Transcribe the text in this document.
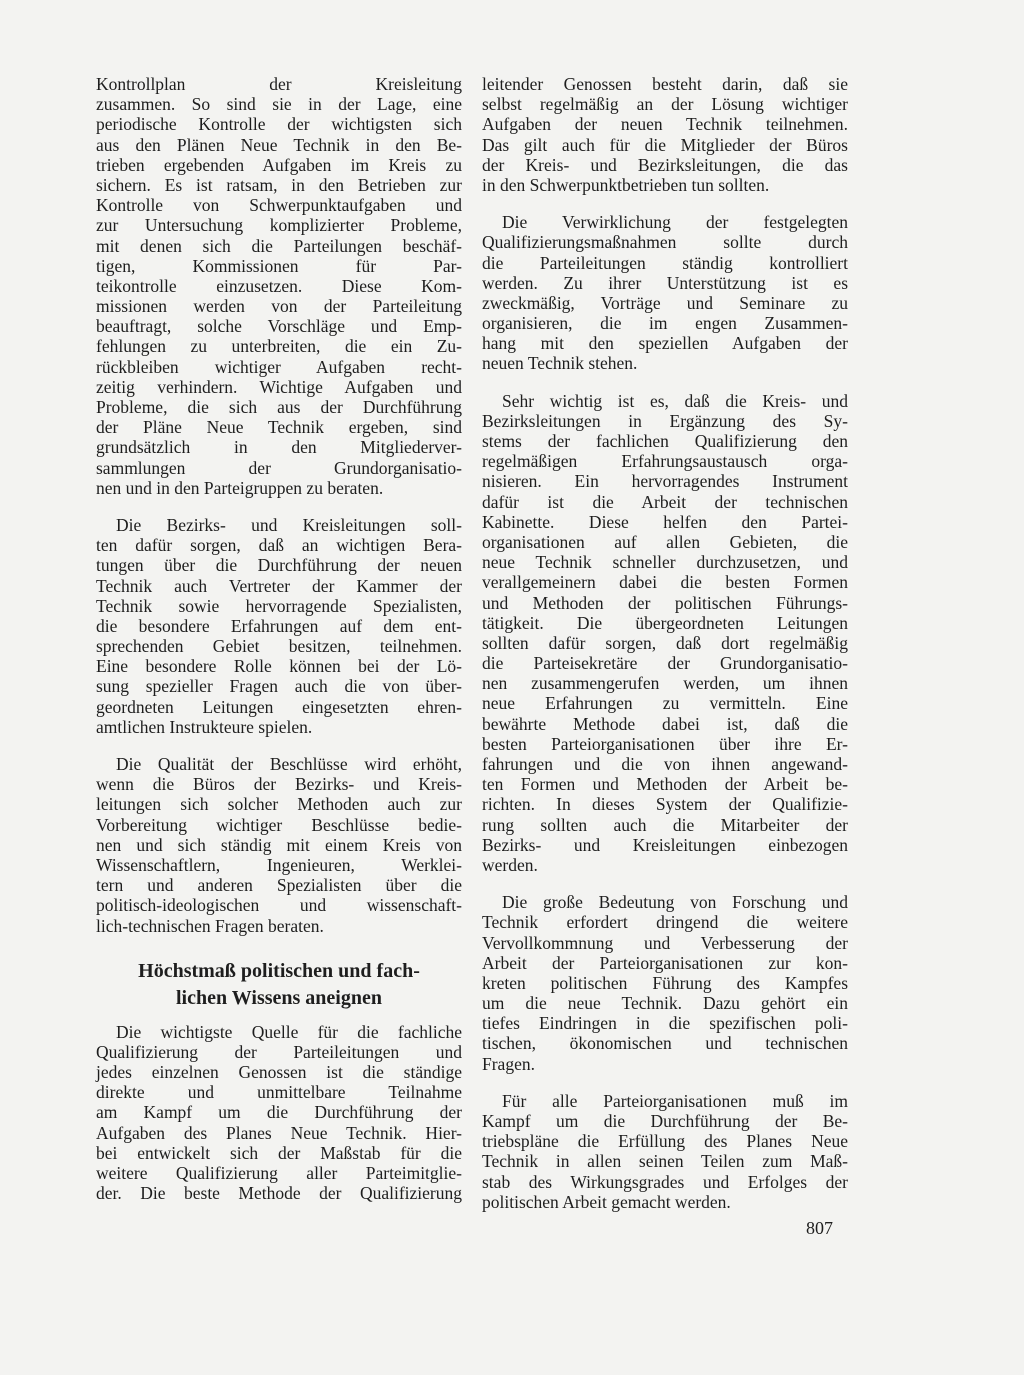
Kontrollplan der Kreisleitung
zusammen. So sind sie in der Lage, eine
periodische Kontrolle der wichtigsten sich
aus den Plänen Neue Technik in den Be-
trieben ergebenden Aufgaben im Kreis zu
sichern. Es ist ratsam, in den Betrieben zur
Kontrolle von Schwerpunktaufgaben und
zur Untersuchung komplizierter Probleme,
mit denen sich die Parteilungen beschäf-
tigen, Kommissionen für Par-
teikontrolle einzusetzen. Diese Kom-
missionen werden von der Parteileitung
beauftragt, solche Vorschläge und Emp-
fehlungen zu unterbreiten, die ein Zu-
rückbleiben wichtiger Aufgaben recht-
zeitig verhindern. Wichtige Aufgaben und
Probleme, die sich aus der Durchführung
der Pläne Neue Technik ergeben, sind
grundsätzlich in den Mitgliederver-
sammlungen der Grundorganisatio-
nen und in den Parteigruppen zu beraten.
Die Bezirks- und Kreisleitungen soll-
ten dafür sorgen, daß an wichtigen Bera-
tungen über die Durchführung der neuen
Technik auch Vertreter der Kammer der
Technik sowie hervorragende Spezialisten,
die besondere Erfahrungen auf dem ent-
sprechenden Gebiet besitzen, teilnehmen.
Eine besondere Rolle können bei der Lö-
sung spezieller Fragen auch die von über-
geordneten Leitungen eingesetzten ehren-
amtlichen Instrukteure spielen.
Die Qualität der Beschlüsse wird erhöht,
wenn die Büros der Bezirks- und Kreis-
leitungen sich solcher Methoden auch zur
Vorbereitung wichtiger Beschlüsse bedie-
nen und sich ständig mit einem Kreis von
Wissenschaftlern, Ingenieuren, Werklei-
tern und anderen Spezialisten über die
politisch-ideologischen und wissenschaft-
lich-technischen Fragen beraten.
Höchstmaß politischen und fach-
lichen Wissens aneignen
Die wichtigste Quelle für die fachliche
Qualifizierung der Parteileitungen und
jedes einzelnen Genossen ist die ständige
direkte und unmittelbare Teilnahme
am Kampf um die Durchführung der
Aufgaben des Planes Neue Technik. Hier-
bei entwickelt sich der Maßstab für die
weitere Qualifizierung aller Parteimitglie-
der. Die beste Methode der Qualifizierung
leitender Genossen besteht darin, daß sie
selbst regelmäßig an der Lösung wichtiger
Aufgaben der neuen Technik teilnehmen.
Das gilt auch für die Mitglieder der Büros
der Kreis- und Bezirksleitungen, die das
in den Schwerpunktbetrieben tun sollten.
Die Verwirklichung der festgelegten
Qualifizierungsmaßnahmen sollte durch
die Parteileitungen ständig kontrolliert
werden. Zu ihrer Unterstützung ist es
zweckmäßig, Vorträge und Seminare zu
organisieren, die im engen Zusammen-
hang mit den speziellen Aufgaben der
neuen Technik stehen.
Sehr wichtig ist es, daß die Kreis- und
Bezirksleitungen in Ergänzung des Sy-
stems der fachlichen Qualifizierung den
regelmäßigen Erfahrungsaustausch orga-
nisieren. Ein hervorragendes Instrument
dafür ist die Arbeit der technischen
Kabinette. Diese helfen den Partei-
organisationen auf allen Gebieten, die
neue Technik schneller durchzusetzen, und
verallgemeinern dabei die besten Formen
und Methoden der politischen Führungs-
tätigkeit. Die übergeordneten Leitungen
sollten dafür sorgen, daß dort regelmäßig
die Parteisekretäre der Grundorganisatio-
nen zusammengerufen werden, um ihnen
neue Erfahrungen zu vermitteln. Eine
bewährte Methode dabei ist, daß die
besten Parteiorganisationen über ihre Er-
fahrungen und die von ihnen angewand-
ten Formen und Methoden der Arbeit be-
richten. In dieses System der Qualifizie-
rung sollten auch die Mitarbeiter der
Bezirks- und Kreisleitungen einbezogen
werden.
Die große Bedeutung von Forschung und
Technik erfordert dringend die weitere
Vervollkommnung und Verbesserung der
Arbeit der Parteiorganisationen zur kon-
kreten politischen Führung des Kampfes
um die neue Technik. Dazu gehört ein
tiefes Eindringen in die spezifischen poli-
tischen, ökonomischen und technischen
Fragen.
Für alle Parteiorganisationen muß im
Kampf um die Durchführung der Be-
triebspläne die Erfüllung des Planes Neue
Technik in allen seinen Teilen zum Maß-
stab des Wirkungsgrades und Erfolges der
politischen Arbeit gemacht werden.
807
